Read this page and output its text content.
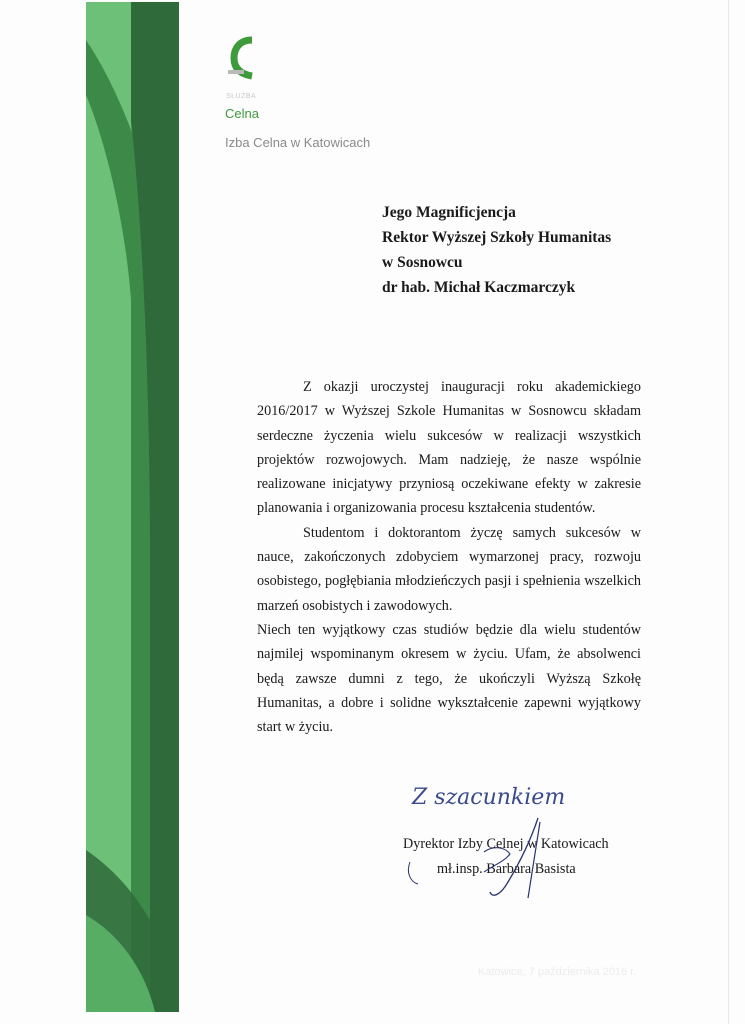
SŁUŻBA
Celna
Izba Celna w Katowicach
Jego Magnificjencja
Rektor Wyższej Szkoły Humanitas
w Sosnowcu
dr hab. Michał Kaczmarczyk

Z okazji uroczystej inauguracji roku akademickiego 2016/2017 w Wyższej Szkole Humanitas w Sosnowcu składam serdeczne życzenia wielu sukcesów w realizacji wszystkich projektów rozwojowych. Mam nadzieję, że nasze wspólnie realizowane inicjatywy przyniosą oczekiwane efekty w zakresie planowania i organizowania procesu kształcenia studentów.

Studentom i doktorantom życzę samych sukcesów w nauce, zakończonych zdobyciem wymarzonej pracy, rozwoju osobistego, pogłębiania młodzieńczych pasji i spełnienia wszelkich marzeń osobistych i zawodowych.

Niech ten wyjątkowy czas studiów będzie dla wielu studentów najmilej wspominanym okresem w życiu. Ufam, że absolwenci będą zawsze dumni z tego, że ukończyli Wyższą Szkołę Humanitas, a dobre i solidne wykształcenie zapewni wyjątkowy start w życiu.

Z szacunkiem
Dyrektor Izby Celnej w Katowicach
mł.insp. Barbara Basista
Katowice, 7 października 2016 r.
